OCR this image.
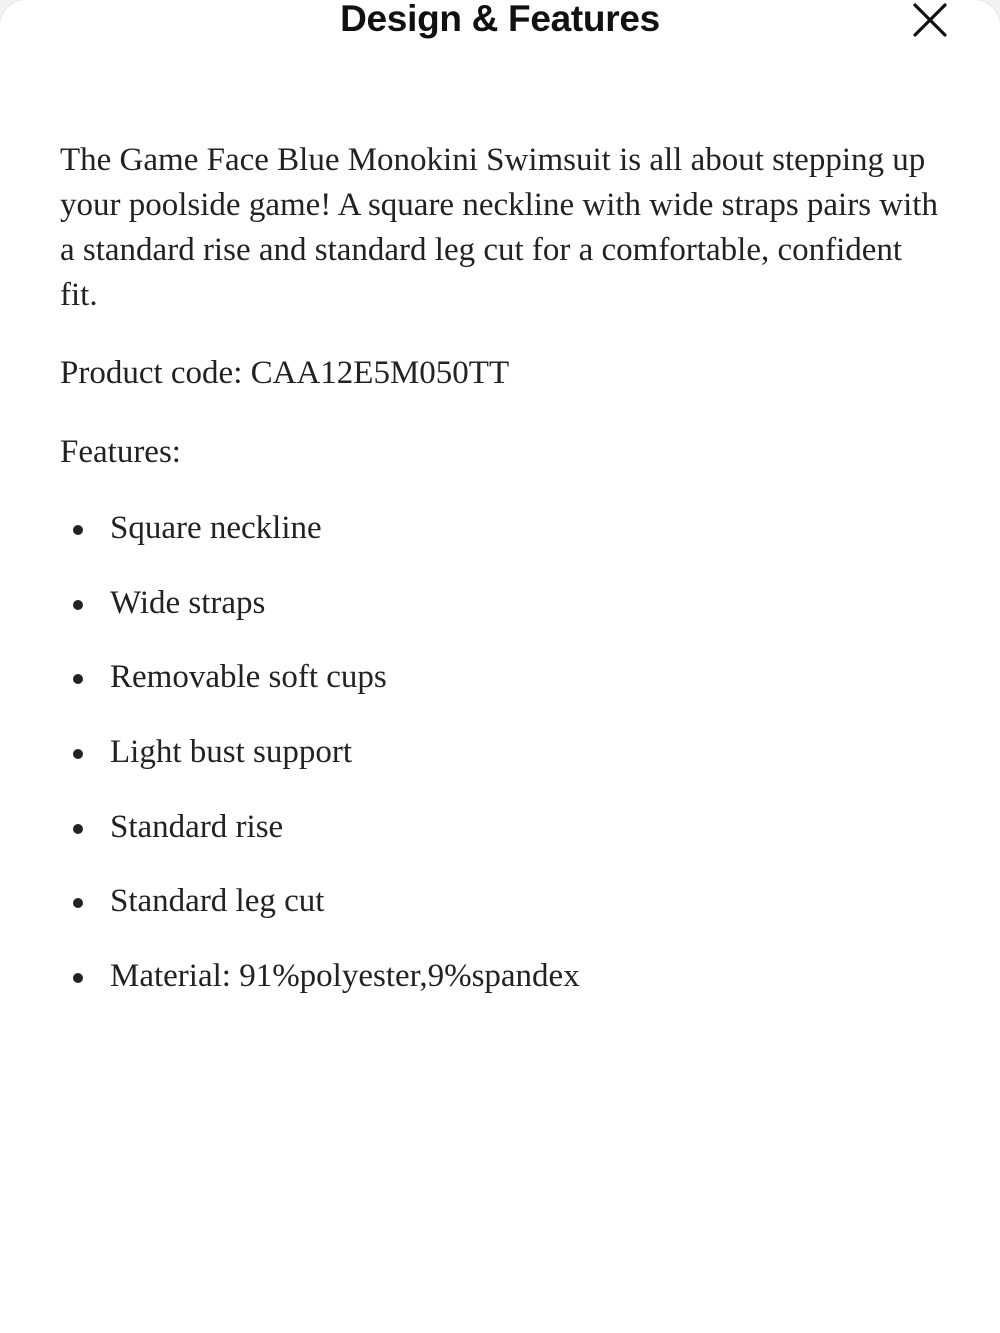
Design & Features

The Game Face Blue Monokini Swimsuit is all about stepping up your poolside game! A square neckline with wide straps pairs with a standard rise and standard leg cut for a comfortable, confident fit.

Product code: CAA12E5M050TT

Features:

Square neckline
Wide straps
Removable soft cups
Light bust support
Standard rise
Standard leg cut
Material: 91%polyester,9%spandex
